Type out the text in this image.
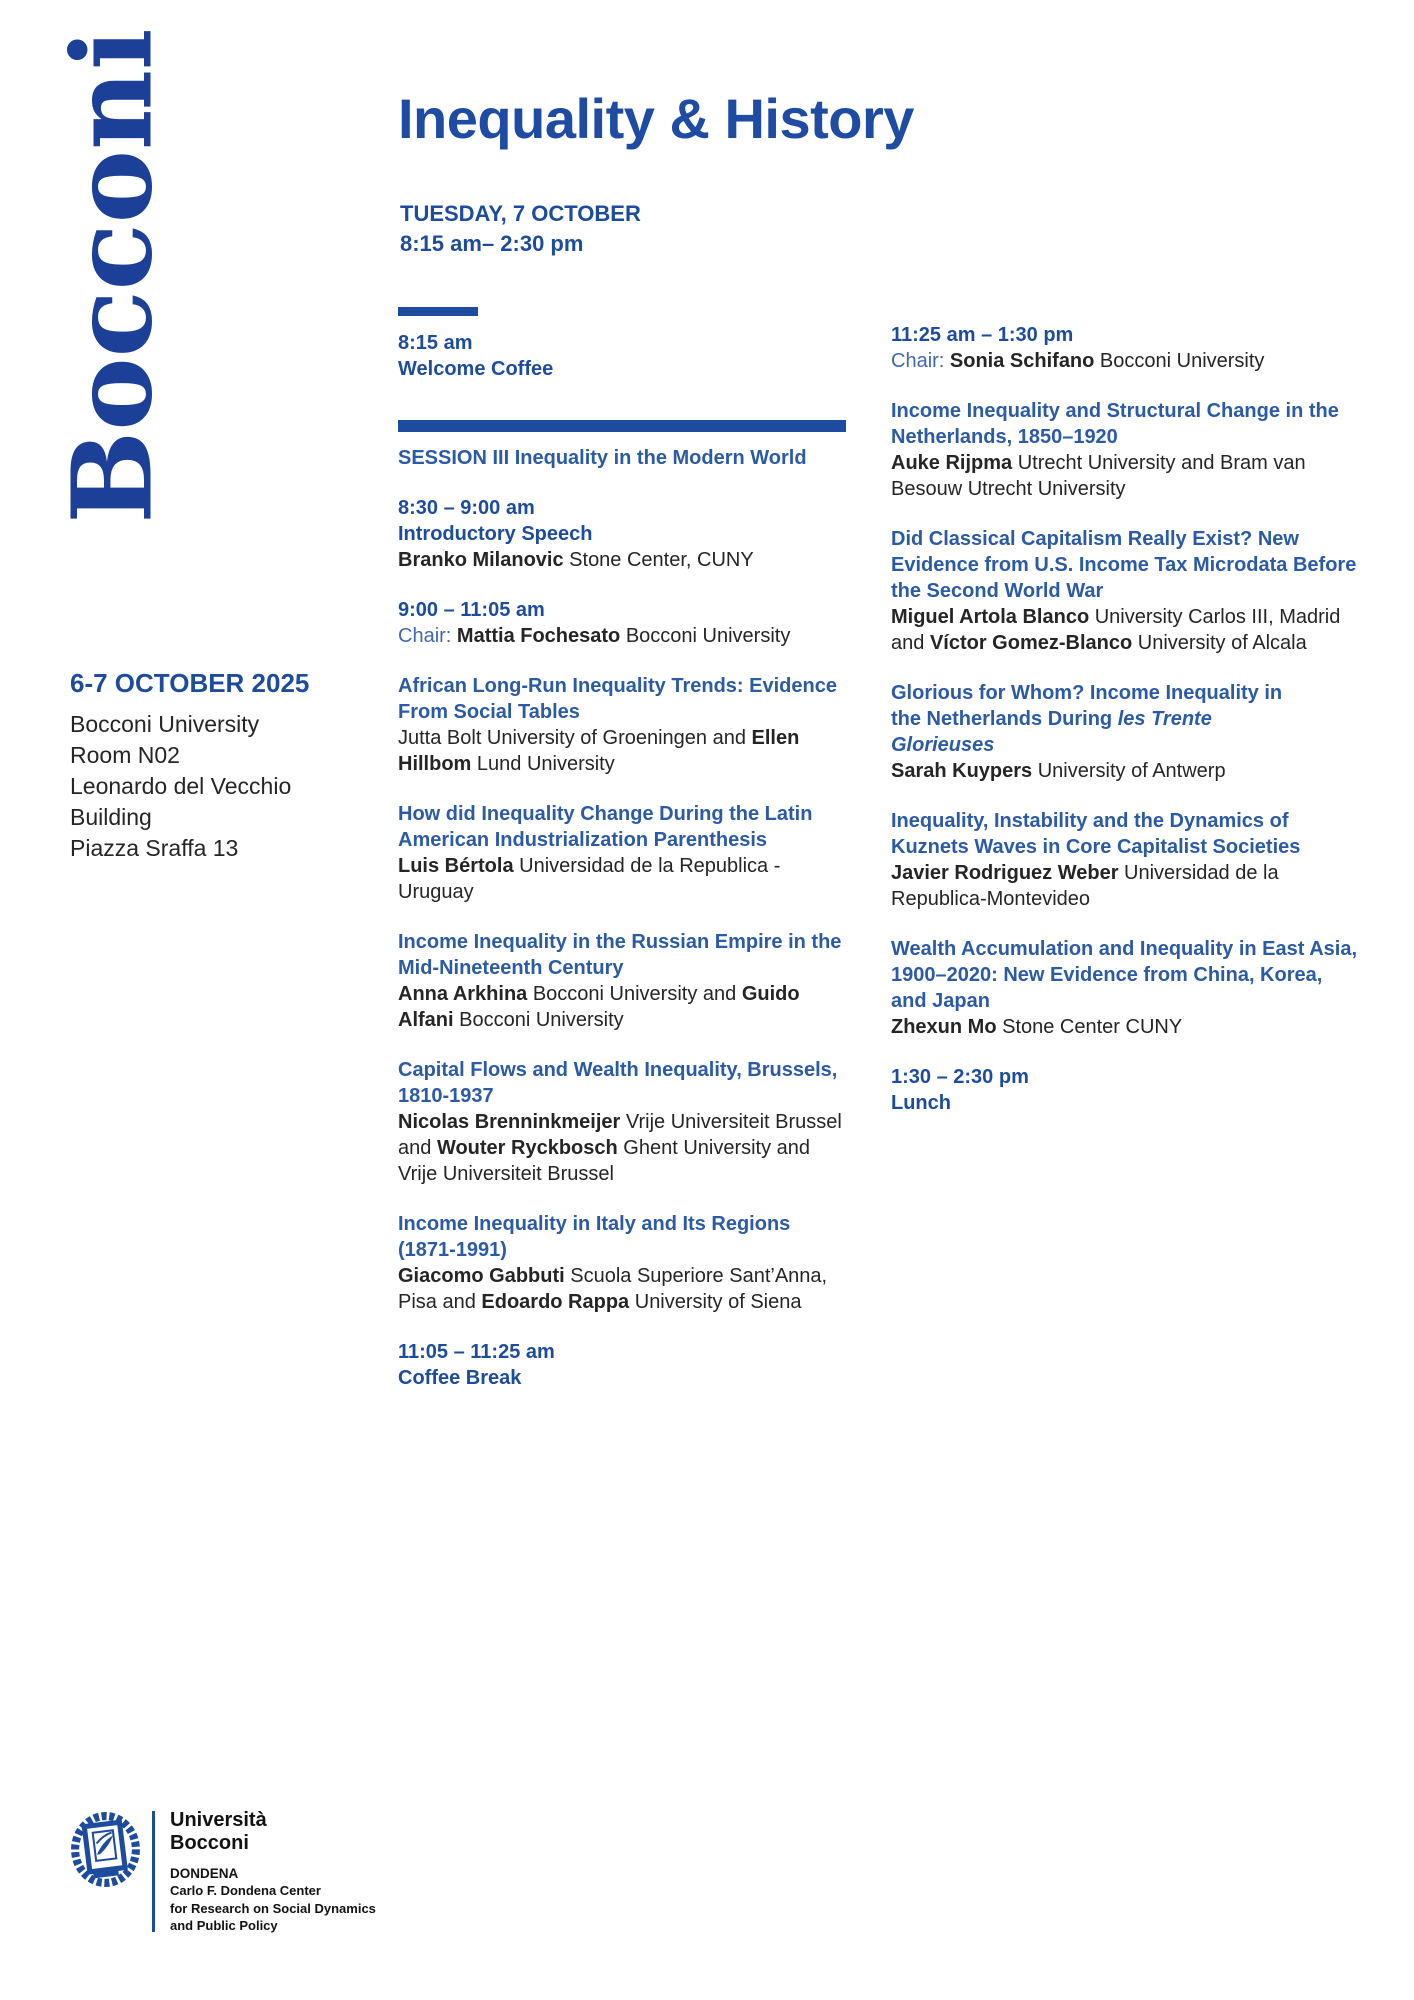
Bocconi	Inequality & History
TUESDAY, 7 OCTOBER
8:15 am– 2:30 pm
6-7 OCTOBER 2025
Bocconi University
Room N02
Leonardo del Vecchio
Building
Piazza Sraffa 13
8:15 am
Welcome Coffee
SESSION III Inequality in the Modern World
8:30 – 9:00 am
Introductory Speech
Branko Milanovic Stone Center, CUNY
9:00 – 11:05 am
Chair: Mattia Fochesato Bocconi University
African Long-Run Inequality Trends: Evidence From Social Tables
Jutta Bolt University of Groeningen and Ellen Hillbom Lund University
How did Inequality Change During the Latin American Industrialization Parenthesis
Luis Bértola Universidad de la Republica - Uruguay
Income Inequality in the Russian Empire in the Mid-Nineteenth Century
Anna Arkhina Bocconi University and Guido Alfani Bocconi University
Capital Flows and Wealth Inequality, Brussels, 1810-1937
Nicolas Brenninkmeijer Vrije Universiteit Brussel and Wouter Ryckbosch Ghent University and Vrije Universiteit Brussel
Income Inequality in Italy and Its Regions (1871-1991)
Giacomo Gabbuti Scuola Superiore Sant’Anna, Pisa and Edoardo Rappa University of Siena
11:05 – 11:25 am
Coffee Break
11:25 am – 1:30 pm
Chair: Sonia Schifano Bocconi University
Income Inequality and Structural Change in the Netherlands, 1850–1920
Auke Rijpma Utrecht University and Bram van Besouw Utrecht University
Did Classical Capitalism Really Exist? New Evidence from U.S. Income Tax Microdata Before the Second World War
Miguel Artola Blanco University Carlos III, Madrid and Víctor Gomez-Blanco University of Alcala
Glorious for Whom? Income Inequality in the Netherlands During les Trente Glorieuses
Sarah Kuypers University of Antwerp
Inequality, Instability and the Dynamics of Kuznets Waves in Core Capitalist Societies
Javier Rodriguez Weber Universidad de la Republica-Montevideo
Wealth Accumulation and Inequality in East Asia, 1900–2020: New Evidence from China, Korea, and Japan
Zhexun Mo Stone Center CUNY
1:30 – 2:30 pm
Lunch
Università
Bocconi
DONDENA
Carlo F. Dondena Center
for Research on Social Dynamics
and Public Policy
